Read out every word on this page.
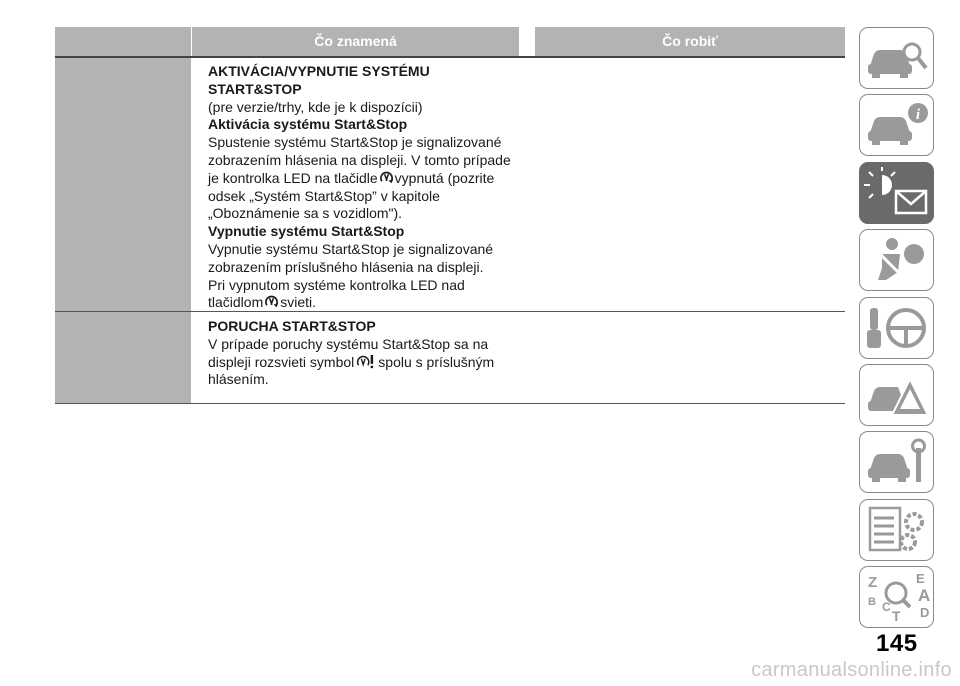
Čo znamená	Čo robiť
AKTIVÁCIA/VYPNUTIE SYSTÉMU
START&STOP
(pre verzie/trhy, kde je k dispozícii)
Aktivácia systému Start&Stop
Spustenie systému Start&Stop je signalizované
zobrazením hlásenia na displeji. V tomto prípade
je kontrolka LED na tlačidle vypnutá (pozrite
odsek „Systém Start&Stop” v kapitole
„Oboznámenie sa s vozidlom").
Vypnutie systému Start&Stop
Vypnutie systému Start&Stop je signalizované
zobrazením príslušného hlásenia na displeji.
Pri vypnutom systéme kontrolka LED nad
tlačidlom svieti.
PORUCHA START&STOP
V prípade poruchy systému Start&Stop sa na
displeji rozsvieti symbol spolu s príslušným
hlásením.
i
Z	E
A
B C
T D
145
carmanualsonline.info
